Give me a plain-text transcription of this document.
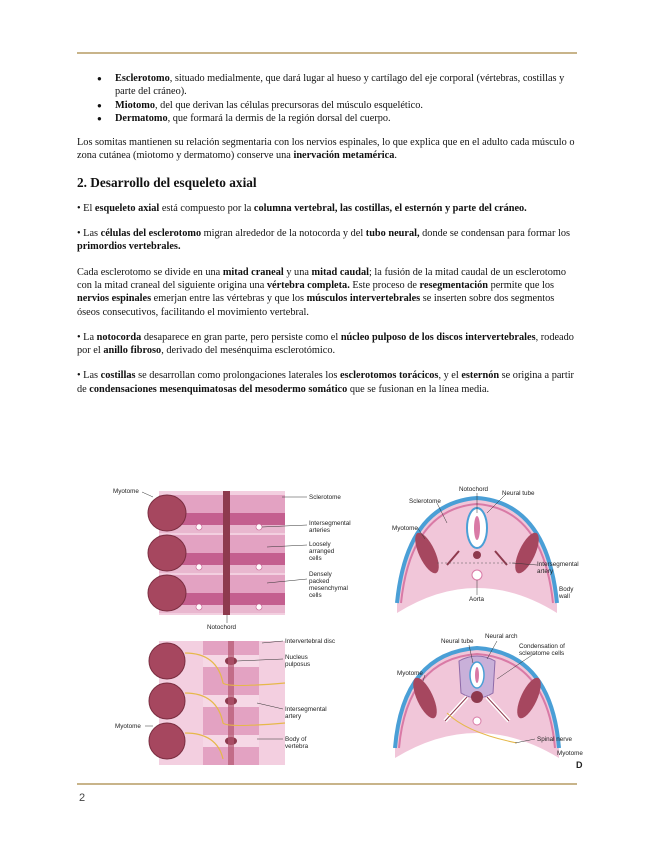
● Esclerotomo, situado medialmente, que dará lugar al hueso y cartílago del eje corporal (vértebras, costillas y parte del cráneo).
● Miotomo, del que derivan las células precursoras del músculo esquelético.
● Dermatomo, que formará la dermis de la región dorsal del cuerpo.

Los somitas mantienen su relación segmentaria con los nervios espinales, lo que explica que en el adulto cada músculo o zona cutánea (miotomo y dermatomo) conserve una inervación metamérica.

2. Desarrollo del esqueleto axial

• El esqueleto axial está compuesto por la columna vertebral, las costillas, el esternón y parte del cráneo.

• Las células del esclerotomo migran alrededor de la notocorda y del tubo neural, donde se condensan para formar los primordios vertebrales.

Cada esclerotomo se divide en una mitad craneal y una mitad caudal; la fusión de la mitad caudal de un esclerotomo con la mitad craneal del siguiente origina una vértebra completa. Este proceso de resegmentación permite que los nervios espinales emerjan entre las vértebras y que los músculos intervertebrales se inserten sobre dos segmentos óseos consecutivos, facilitando el movimiento vertebral.

• La notocorda desaparece en gran parte, pero persiste como el núcleo pulposo de los discos intervertebrales, rodeado por el anillo fibroso, derivado del mesénquima esclerotómico.

• Las costillas se desarrollan como prolongaciones laterales los esclerotomos torácicos, y el esternón se origina a partir de condensaciones mesenquimatosas del mesodermo somático que se fusionan en la línea media.

Myotome
Sclerotome
Intersegmental
arteries
Loosely
arranged
cells
Densely
packed
mesenchymal
cells
Notochord
Intervertebral disc
Nucleus
pulposus
Intersegmental
artery
Body of
vertebra
Myotome
Notochord
Neural tube
Sclerotome
Myotome
Intersegmental
artery
Aorta
Body
wall
Neural tube
Neural arch
Condensation of
sclerotome cells
Myotome
Spinal nerve
Myotome
D
2
